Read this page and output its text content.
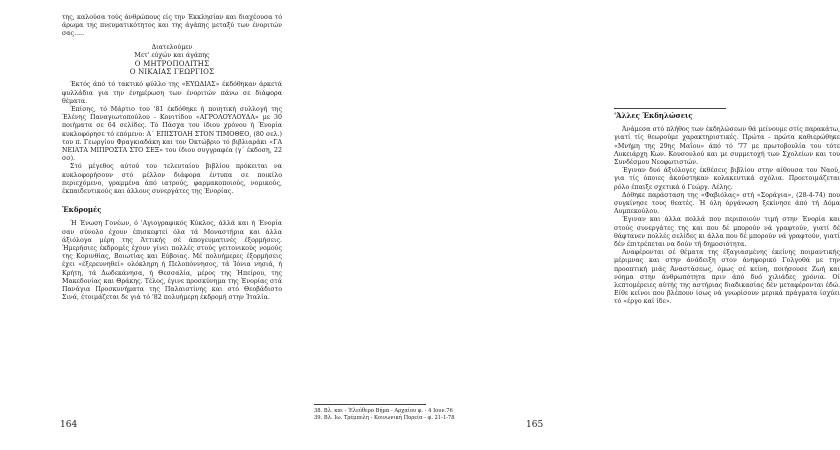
της, καλούσα τούς άνθρώπους είς την Έκκλησίαν και διαχέουσα τό άρωμα της πνευματικότητος και της άγάπης μεταξύ των ένοριτών σας.....

Διατελούμεν
Μετ' εύχών και άγάπης
Ο ΜΗΤΡΟΠΟΛΙΤΗΣ
Ο ΝΙΚΑΙΑΣ ΓΕΩΡΓΙΟΣ

Έκτός άπό τό τακτικό φύλλο της «ΕΥΩΔΙΑΣ» έκδόθηκαν άρκετά φυλλάδια για την ένημέρωση των ένοριτών πάνω σε διάφορα θέματα.

Έπίσης, τό Μάρτιο του '81 έκδόθηκε ή ποιητική συλλογή της Έλένης Παναγιωτοπούλου - Κονιτίδου «ΑΓΡΟΛΟΥΛΟΥΔΑ» με 30 ποιήματα σε 64 σελίδες. Τό Πάσχα του ίδιου χρόνου ή Ένορία κυκλοφόρησε τό επόμενο: Α΄ ΕΠΙΣΤΟΛΗ ΣΤΟΝ ΤΙΜΟΘΕΟ, (80 σελ.) του π. Γεωργίου Φραγκιαδάκη και τον Όκτώβριο τό βιβλιαράκι «ΓΑ ΝΕΙΑΤΑ ΜΙΠΡΟΣΤΑ ΣΤΟ ΣΕΞ» του ίδιου συγγραφέα (γ΄ έκδοση, 22 σσ).

Στό μέγεθος αύτού του τελευταίου βιβλίου πρόκειται να κυκλοφορήσουν στό μέλλον διάφορα έντυπα σε ποικίλο περιεχόμενο, γραμμένα άπό ιατρούς, φαρμακοποιούς, νομικούς, έκπαιδευτικούς και άλλους συνεργάτες της Ένορίας.

Έκδρομές

Ή Ένωση Γονέων, ό 'Αγιογραφικός Κύκλος, άλλά και ή Ένορία σαν σύνολο έχουν έπισκεφτεί όλα τά Μοναστήρια και άλλα άξιόλογα μέρη της Άττικής σέ άπογευματινές έξορμήσεις. Ήμερήσιες έκδρομές έχουν γίνει πολλές στούς γειτονικούς νομούς της Κορινθίας, Βοιωτίας και Εύβοιας. Μέ πολυήμερες έξορμήσεις έχει «έξερευνηθεί» ολόκληρη ή Πελοπόννησος, τά Ίόνια νησιά, ή Κρήτη, τά Δωδεκάνησα, ή Θεσσαλία, μέρος της Ήπείρου, της Μακεδονίας και Θράκης. Τέλος, έγινε προσκύνημα της Ένορίας στά Πανάγια Προσκυνήματα της Παλαιστίνης και στό Θεοβάδιστο Σινά, έτοιμάζεται δε γιά τό '82 πολυήμερη έκδρομή στην Ίταλία.

164
'Άλλες Έκδηλώσεις

Άνάμεσα στό πλήθος των έκδηλώσεων θά μείνουμε στίς παρακάτω, γιατί τίς θεωρούμε χαρακτηριστικές. Πρώτα - πρώτα καθιερώθηκε «Μνήμη της 29ης Μαΐου» άπό τό '77 με πρωτοβουλία του τότε Λυκειάρχη Κων. Κουσουλού και με συμμετοχή των Σχολείων και του Συνδέσμου Νεοφωτιστών.

Έγιναν δυό άξιόλογες έκθέσεις βιβλίου στην αίθουσα του Ναού, για τίς όποιες άκούστηκαν κολακευτικά σχόλια. Προετοιμάζεται ρόλο έπαιξε σχετικά ό Γεώργ. Λέλης.

Δόθηκε παράσταση της «Φαβιόλας» στή «Σοράγια», (28-4-74) που συγκίνησε τους θεατές. Ή όλη όργάνωση ξεκίνησε άπό τή Δόμα Αυμπεκούλου.

Έγιναν και άλλα πολλά που περιποιούν τιμή στην Ένορία και στούς συνεργάτες της και που δέ μπορούν νά γραφτούν, γιατί δέ θάφτανεν πολλές σελίδες κι άλλα που δέ μπορούν νά γραφτούν, γιατί δέν έπιτρέπεται να δούν τή δημοσιότητα.

Άναφέρονται σέ θέματα της έξαγιασμένης έκείνης ποιμαντικής μέριμνας και στην άνάδειξη στον άνηφορικό Γολγοθά με την προοπτική μιάς Άναστάσεως, όμως σέ κείνη, ποιήσουσε Ζωή και νόημα στην άνθρωπότητα πριν άπό δυό χιλιάδες χρόνια. Οί λεπτομέρειες αύτής της αστήριας διαδικασίας δέν μεταφέρονται έδώ. Είθε κείνοι που βλέπουν ίσως νά γνωρίσουν μερικά πράγματα ίσχύει τό «έργο καί ίδε».

38. Βλ. και - Έλεύθερο Βήμα - Αρχαίου φ. - 4 Ιουν.76
39. Βλ. Ιω. Τρέμπελη - Κοινωνική Πορεία - φ. 21-1-78
165
